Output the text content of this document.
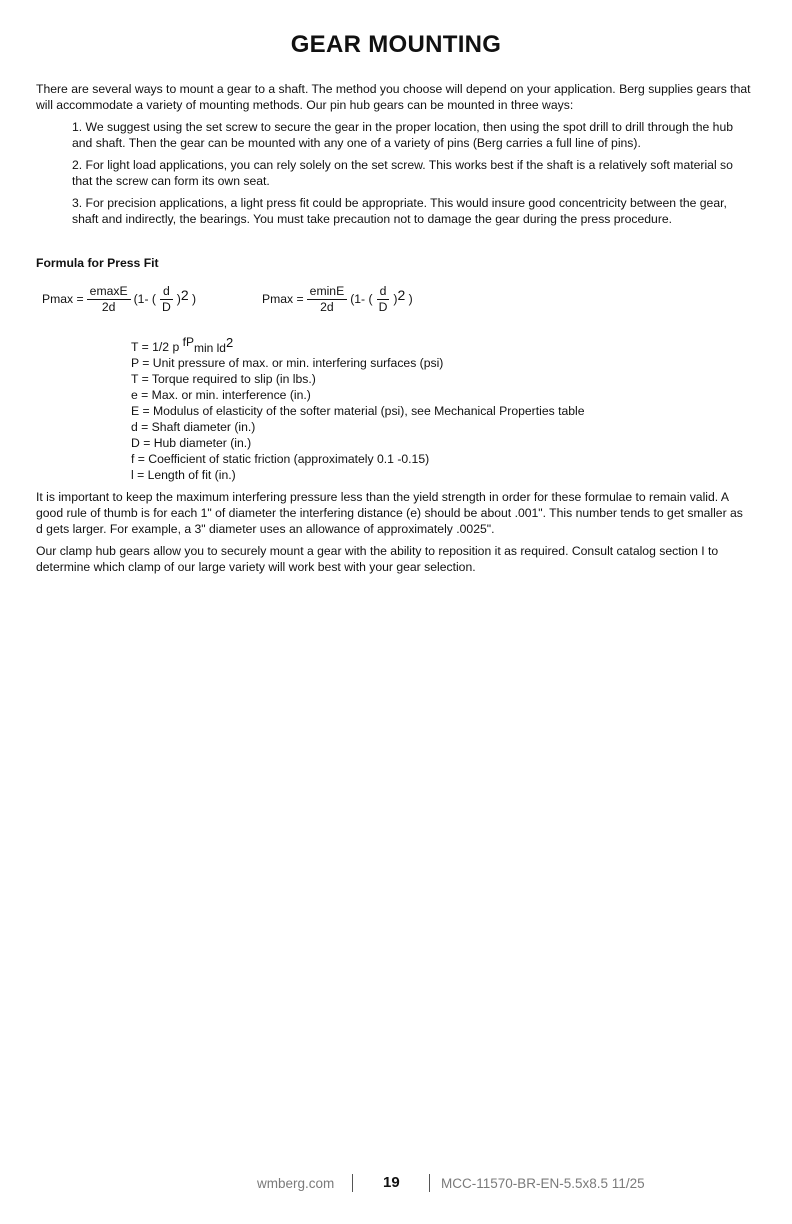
GEAR MOUNTING

There are several ways to mount a gear to a shaft. The method you choose will depend on your application. Berg supplies gears that will accommodate a variety of mounting methods. Our pin hub gears can be mounted in three ways:

1. We suggest using the set screw to secure the gear in the proper location, then using the spot drill to drill through the hub and shaft. Then the gear can be mounted with any one of a variety of pins (Berg carries a full line of pins).
2. For light load applications, you can rely solely on the set screw. This works best if the shaft is a relatively soft material so that the screw can form its own seat.
3. For precision applications, a light press fit could be appropriate. This would insure good concentricity between the gear, shaft and indirectly, the bearings. You must take precaution not to damage the gear during the press procedure.

Formula for Press Fit

$Pmax = \frac{emaxE}{2d} (1-$ ( $\frac{d}{D}$ ) 2
)	$Pmax = \frac{eminE}{2d} (1-$ ( $\frac{d}{D}$ ) 2
)
T = 1/2 p fPmin ld2
P = Unit pressure of max. or min. interfering surfaces (psi)
T = Torque required to slip (in lbs.)
e = Max. or min. interference (in.)
E = Modulus of elasticity of the softer material (psi), see Mechanical Properties table
d = Shaft diameter (in.)
D = Hub diameter (in.)
f = Coefficient of static friction (approximately 0.1 -0.15)
l = Length of fit (in.)

It is important to keep the maximum interfering pressure less than the yield strength in order for these formulae to remain valid. A good rule of thumb is for each 1" of diameter the interfering distance (e) should be about .001". This number tends to get smaller as d gets larger. For example, a 3" diameter uses an allowance of approximately .0025".

Our clamp hub gears allow you to securely mount a gear with the ability to reposition it as required. Consult catalog section I to determine which clamp of our large variety will work best with your gear selection.

wmberg.com	19	MCC-11570-BR-EN-5.5x8.5 11/25
